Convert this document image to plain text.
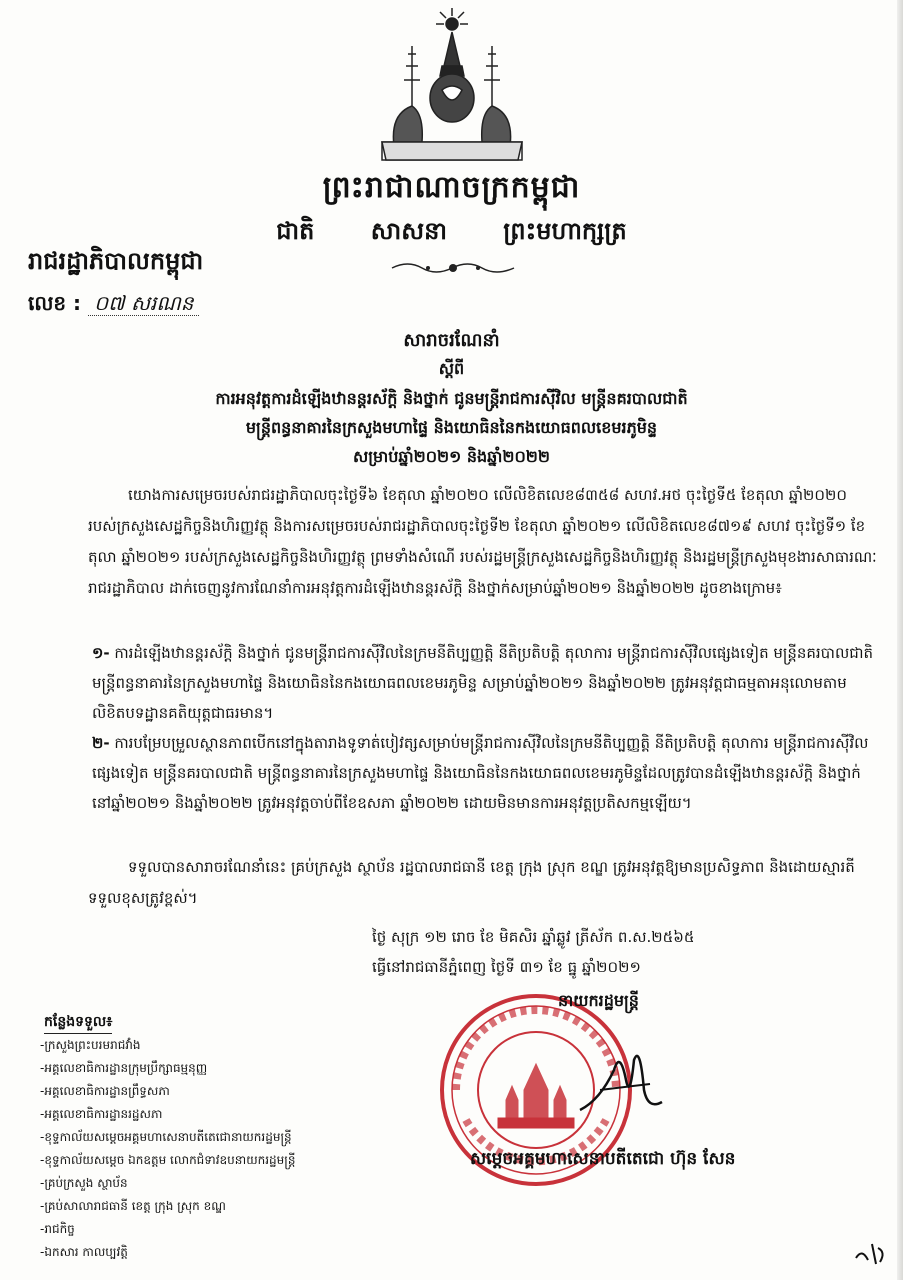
ព្រះរាជាណាចក្រកម្ពុជា
ជាតិ សាសនា ព្រះមហាក្សត្រ
រាជរដ្ឋាភិបាលកម្ពុជា
លេខ : ០៧ សរណន
សារាចរណែនាំ
ស្តីពី
ការអនុវត្តការដំឡើងឋានន្តរស័ក្តិ និងថ្នាក់ ជូនមន្ត្រីរាជការស៊ីវិល មន្ត្រីនគរបាលជាតិ
មន្ត្រីពន្ធនាគារនៃក្រសួងមហាផ្ទៃ និងយោធិននៃកងយោធពលខេមរភូមិន្ទ
សម្រាប់ឆ្នាំ២០២១ និងឆ្នាំ២០២២
យោងការសម្រេចរបស់រាជរដ្ឋាភិបាលចុះថ្ងៃទី៦ ខែតុលា ឆ្នាំ២០២០ លើលិខិតលេខ៨៣៥៨ សហវ.អថ ចុះថ្ងៃទី៥ ខែតុលា ឆ្នាំ២០២០ របស់ក្រសួងសេដ្ឋកិច្ចនិងហិរញ្ញវត្ថុ និងការសម្រេចរបស់រាជរដ្ឋាភិបាលចុះថ្ងៃទី២ ខែតុលា ឆ្នាំ២០២១ លើលិខិតលេខ៨៧១៩ សហវ ចុះថ្ងៃទី១ ខែតុលា ឆ្នាំ២០២១ របស់ក្រសួងសេដ្ឋកិច្ចនិងហិរញ្ញវត្ថុ ព្រមទាំងសំណើ របស់រដ្ឋមន្ត្រីក្រសួងសេដ្ឋកិច្ចនិងហិរញ្ញវត្ថុ និងរដ្ឋមន្ត្រីក្រសួងមុខងារសាធារណៈ រាជរដ្ឋាភិបាល ដាក់ចេញនូវការណែនាំការអនុវត្តការដំឡើងឋានន្តរស័ក្តិ និងថ្នាក់សម្រាប់ឆ្នាំ២០២១ និងឆ្នាំ២០២២ ដូចខាងក្រោម៖
១- ការដំឡើងឋានន្តរស័ក្តិ និងថ្នាក់ ជូនមន្ត្រីរាជការស៊ីវិលនៃក្រមនីតិប្បញ្ញត្តិ នីតិប្រតិបត្តិ តុលាការ មន្ត្រីរាជការស៊ីវិលផ្សេងទៀត មន្ត្រីនគរបាលជាតិ មន្ត្រីពន្ធនាគារនៃក្រសួងមហាផ្ទៃ និងយោធិននៃកងយោធពលខេមរភូមិន្ទ សម្រាប់ឆ្នាំ២០២១ និងឆ្នាំ២០២២ ត្រូវអនុវត្តជាធម្មតាអនុលោមតាមលិខិតបទដ្ឋានគតិយុត្តជាធរមាន។
២- ការបម្រែបម្រួលស្ថានភាពបើកនៅក្នុងតារាងទូទាត់បៀវត្សសម្រាប់មន្ត្រីរាជការស៊ីវិលនៃក្រមនីតិប្បញ្ញត្តិ នីតិប្រតិបត្តិ តុលាការ មន្ត្រីរាជការស៊ីវិលផ្សេងទៀត មន្ត្រីនគរបាលជាតិ មន្ត្រីពន្ធនាគារនៃក្រសួងមហាផ្ទៃ និងយោធិននៃកងយោធពលខេមរភូមិន្ទដែលត្រូវបានដំឡើងឋានន្តរស័ក្តិ និងថ្នាក់នៅឆ្នាំ២០២១ និងឆ្នាំ២០២២ ត្រូវអនុវត្តចាប់ពីខែឧសភា ឆ្នាំ២០២២ ដោយមិនមានការអនុវត្តប្រតិសកម្មឡើយ។
ទទួលបានសារាចរណែនាំនេះ គ្រប់ក្រសួង ស្ថាប័ន រដ្ឋបាលរាជធានី ខេត្ត ក្រុង ស្រុក ខណ្ឌ ត្រូវអនុវត្តឱ្យមានប្រសិទ្ធភាព និងដោយស្មារតីទទួលខុសត្រូវខ្ពស់។
ថ្ងៃ សុក្រ ១២ រោច ខែ មិគសិរ ឆ្នាំឆ្លូវ ត្រីស័ក ព.ស.២៥៦៥
ធ្វើនៅរាជធានីភ្នំពេញ ថ្ងៃទី ៣១ ខែ ធ្នូ ឆ្នាំ២០២១
នាយករដ្ឋមន្ត្រី
សម្តេចអគ្គមហាសេនាបតីតេជោ ហ៊ុន សែន
កន្លែងទទួល៖
-ក្រសួងព្រះបរមរាជវាំង
-អគ្គលេខាធិការដ្ឋានក្រុមប្រឹក្សាធម្មនុញ្ញ
-អគ្គលេខាធិការដ្ឋានព្រឹទ្ធសភា
-អគ្គលេខាធិការដ្ឋានរដ្ឋសភា
-ខុទ្ទកាល័យសម្តេចអគ្គមហាសេនាបតីតេជោនាយករដ្ឋមន្ត្រី
-ខុទ្ទកាល័យសម្តេច ឯកឧត្តម លោកជំទាវឧបនាយករដ្ឋមន្ត្រី
-គ្រប់ក្រសួង ស្ថាប័ន
-គ្រប់សាលារាជធានី ខេត្ត ក្រុង ស្រុក ខណ្ឌ
-រាជកិច្ច
-ឯកសារ កាលប្បវត្តិ
